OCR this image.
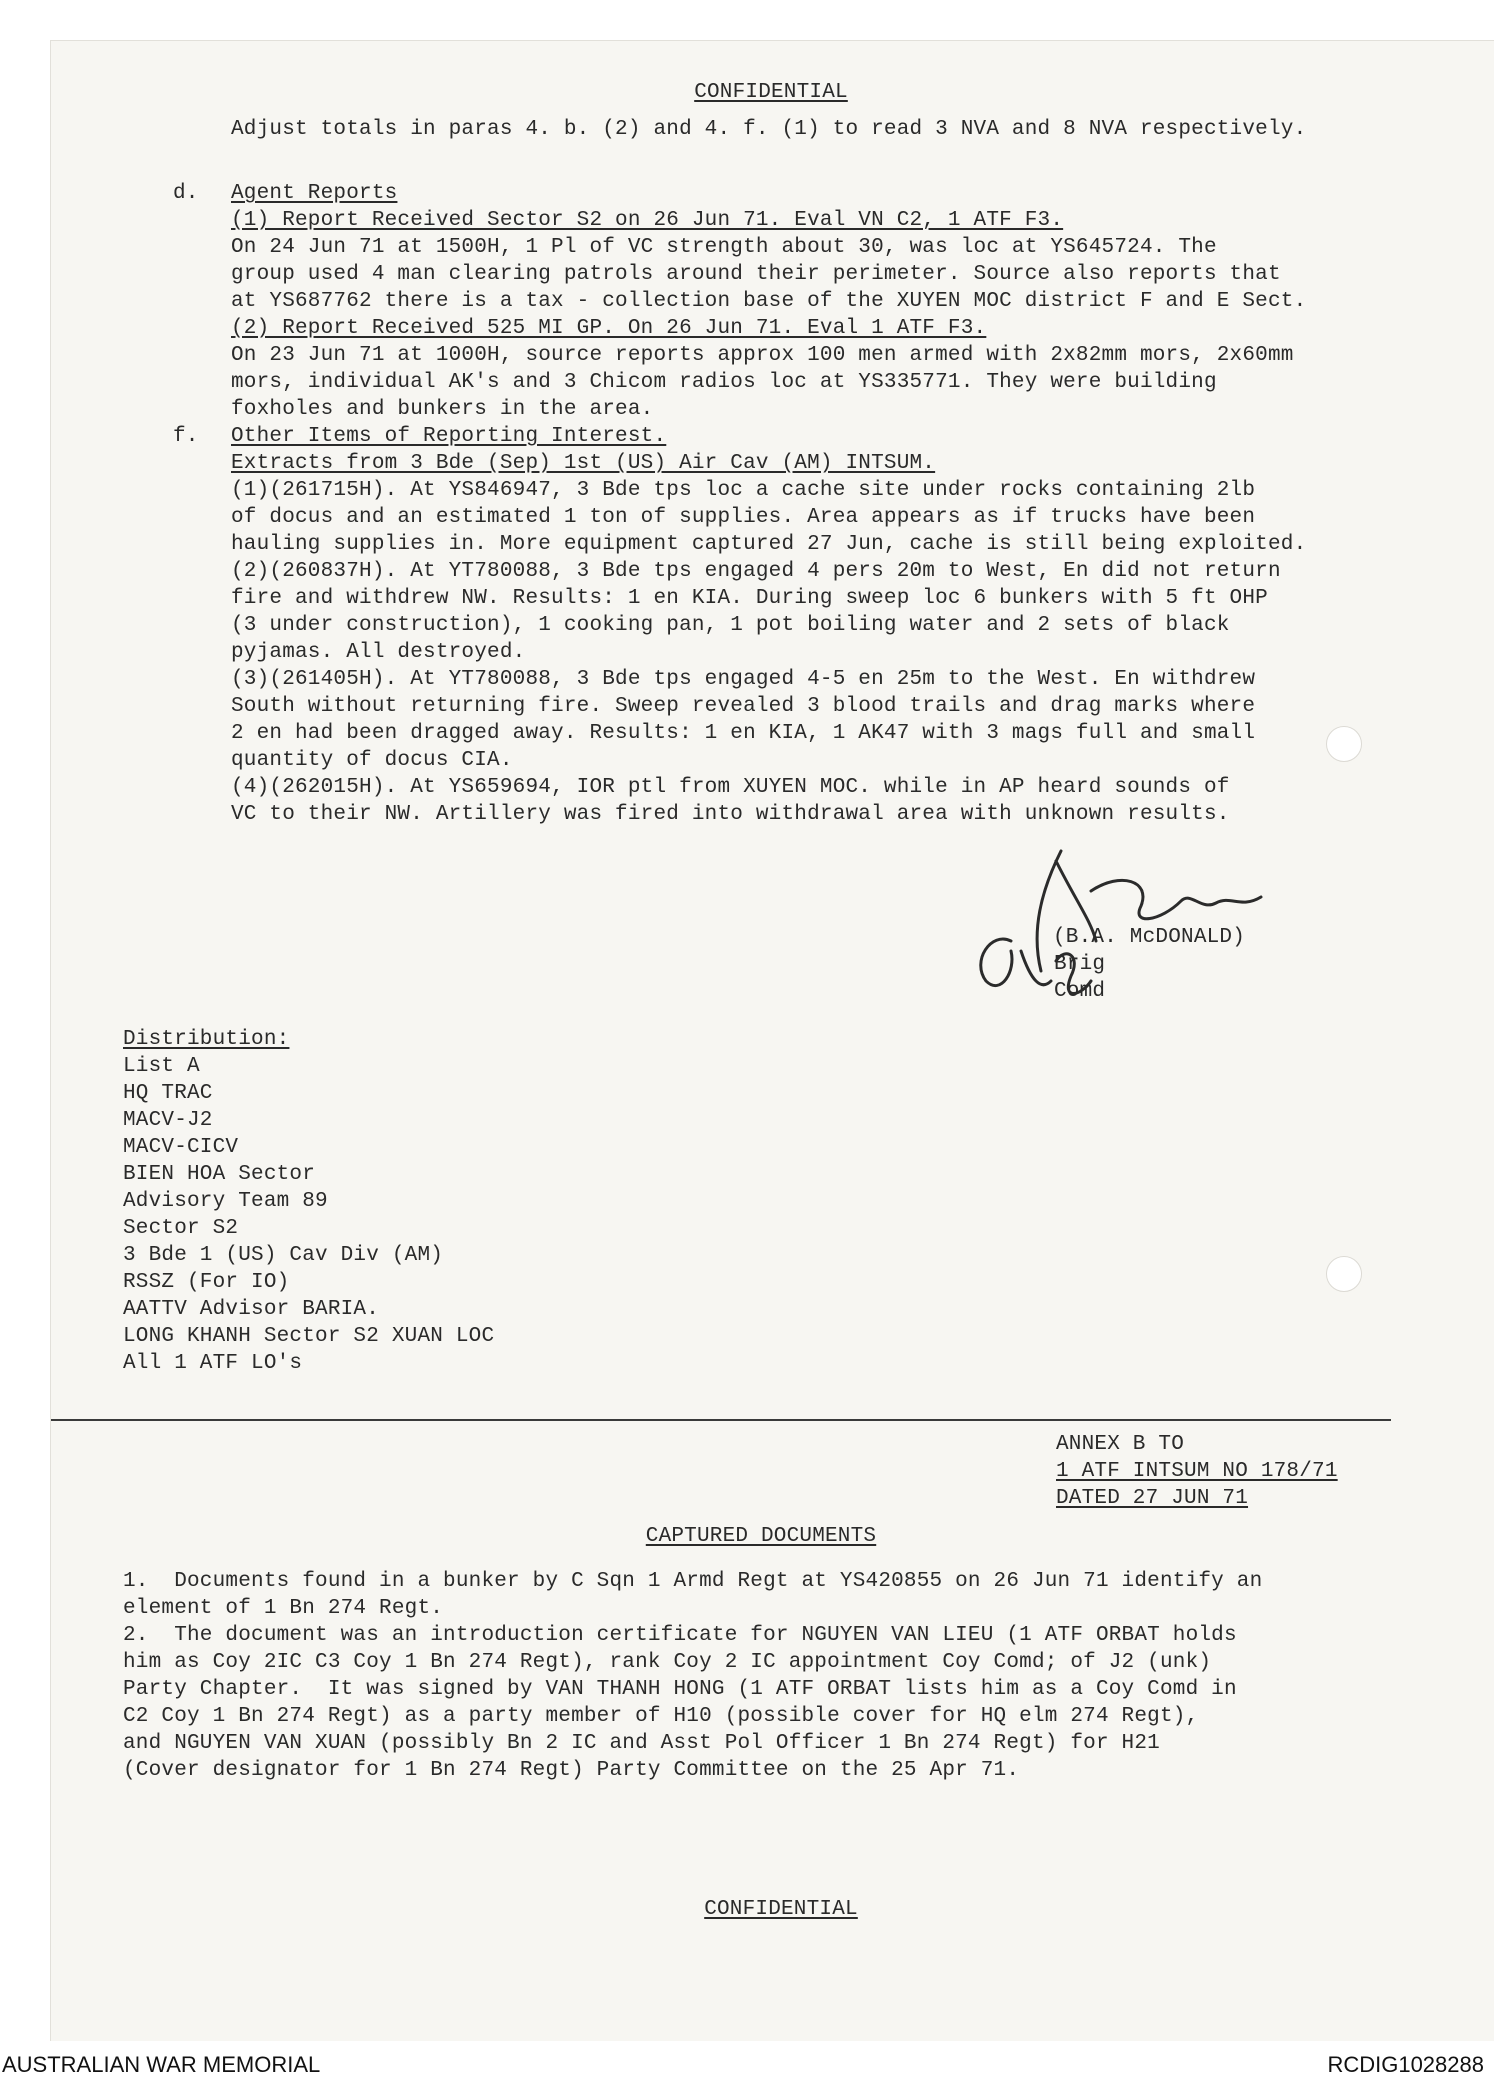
CONFIDENTIAL
Adjust totals in paras 4. b. (2) and 4. f. (1) to read 3 NVA and 8 NVA respectively.
d. Agent Reports
(1) Report Received Sector S2 on 26 Jun 71. Eval VN C2, 1 ATF F3.
On 24 Jun 71 at 1500H, 1 Pl of VC strength about 30, was loc at YS645724. The
group used 4 man clearing patrols around their perimeter. Source also reports that
at YS687762 there is a tax - collection base of the XUYEN MOC district F and E Sect.
(2) Report Received 525 MI GP. On 26 Jun 71. Eval 1 ATF F3.
On 23 Jun 71 at 1000H, source reports approx 100 men armed with 2x82mm mors, 2x60mm
mors, individual AK's and 3 Chicom radios loc at YS335771. They were building
foxholes and bunkers in the area.
f. Other Items of Reporting Interest.
Extracts from 3 Bde (Sep) 1st (US) Air Cav (AM) INTSUM.
(1)(261715H). At YS846947, 3 Bde tps loc a cache site under rocks containing 2lb
of docus and an estimated 1 ton of supplies. Area appears as if trucks have been
hauling supplies in. More equipment captured 27 Jun, cache is still being exploited.
(2)(260837H). At YT780088, 3 Bde tps engaged 4 pers 20m to West, En did not return
fire and withdrew NW. Results: 1 en KIA. During sweep loc 6 bunkers with 5 ft OHP
(3 under construction), 1 cooking pan, 1 pot boiling water and 2 sets of black
pyjamas. All destroyed.
(3)(261405H). At YT780088, 3 Bde tps engaged 4-5 en 25m to the West. En withdrew
South without returning fire. Sweep revealed 3 blood trails and drag marks where
2 en had been dragged away. Results: 1 en KIA, 1 AK47 with 3 mags full and small
quantity of docus CIA.
(4)(262015H). At YS659694, IOR ptl from XUYEN MOC. while in AP heard sounds of
VC to their NW. Artillery was fired into withdrawal area with unknown results.
(B.A. McDONALD)
Brig
Comd
Distribution:
List A
HQ TRAC
MACV-J2
MACV-CICV
BIEN HOA Sector
Advisory Team 89
Sector S2
3 Bde 1 (US) Cav Div (AM)
RSSZ (For IO)
AATTV Advisor BARIA.
LONG KHANH Sector S2 XUAN LOC
All 1 ATF LO's
ANNEX B TO
1 ATF INTSUM NO 178/71
DATED 27 JUN 71
CAPTURED DOCUMENTS
1.  Documents found in a bunker by C Sqn 1 Armd Regt at YS420855 on 26 Jun 71 identify an
element of 1 Bn 274 Regt.
2.  The document was an introduction certificate for NGUYEN VAN LIEU (1 ATF ORBAT holds
him as Coy 2IC C3 Coy 1 Bn 274 Regt), rank Coy 2 IC appointment Coy Comd; of J2 (unk)
Party Chapter.  It was signed by VAN THANH HONG (1 ATF ORBAT lists him as a Coy Comd in
C2 Coy 1 Bn 274 Regt) as a party member of H10 (possible cover for HQ elm 274 Regt),
and NGUYEN VAN XUAN (possibly Bn 2 IC and Asst Pol Officer 1 Bn 274 Regt) for H21
(Cover designator for 1 Bn 274 Regt) Party Committee on the 25 Apr 71.
CONFIDENTIAL
AUSTRALIAN WAR MEMORIAL	RCDIG1028288
